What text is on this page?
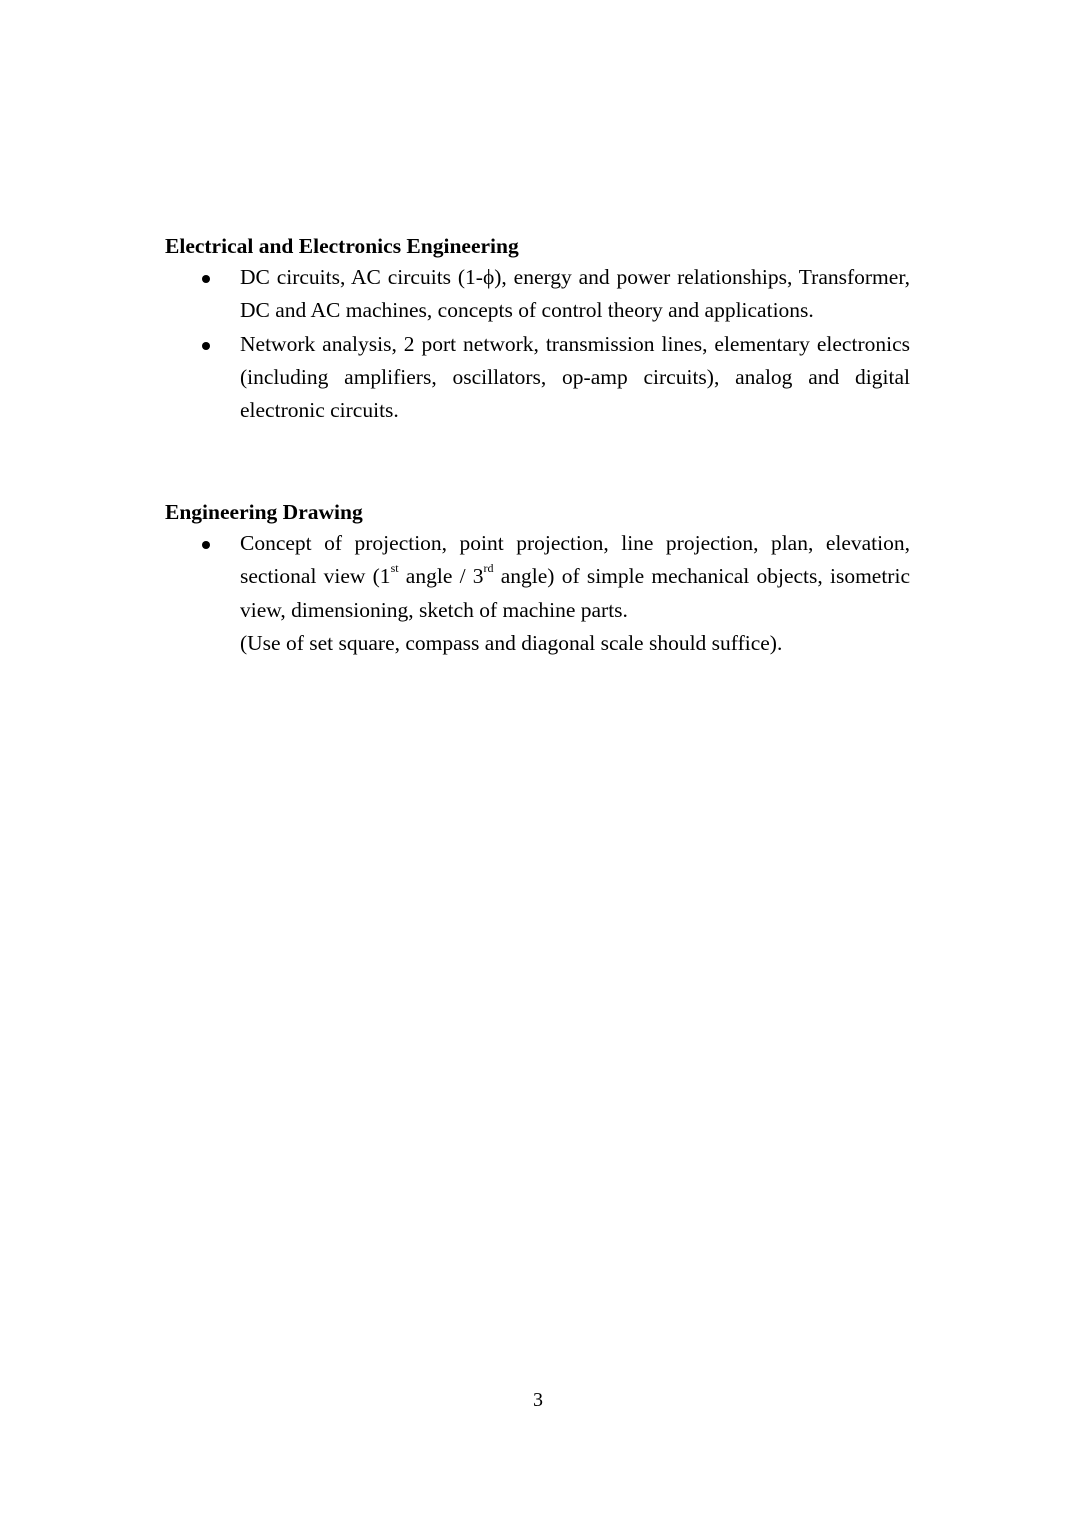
Electrical and Electronics Engineering
DC circuits, AC circuits (1-ϕ), energy and power relationships, Transformer, DC and AC machines, concepts of control theory and applications.
Network analysis, 2 port network, transmission lines, elementary electronics (including amplifiers, oscillators, op-amp circuits), analog and digital electronic circuits.
Engineering Drawing
Concept of projection, point projection, line projection, plan, elevation, sectional view (1st angle / 3rd angle) of simple mechanical objects, isometric view, dimensioning, sketch of machine parts.
(Use of set square, compass and diagonal scale should suffice).
3
